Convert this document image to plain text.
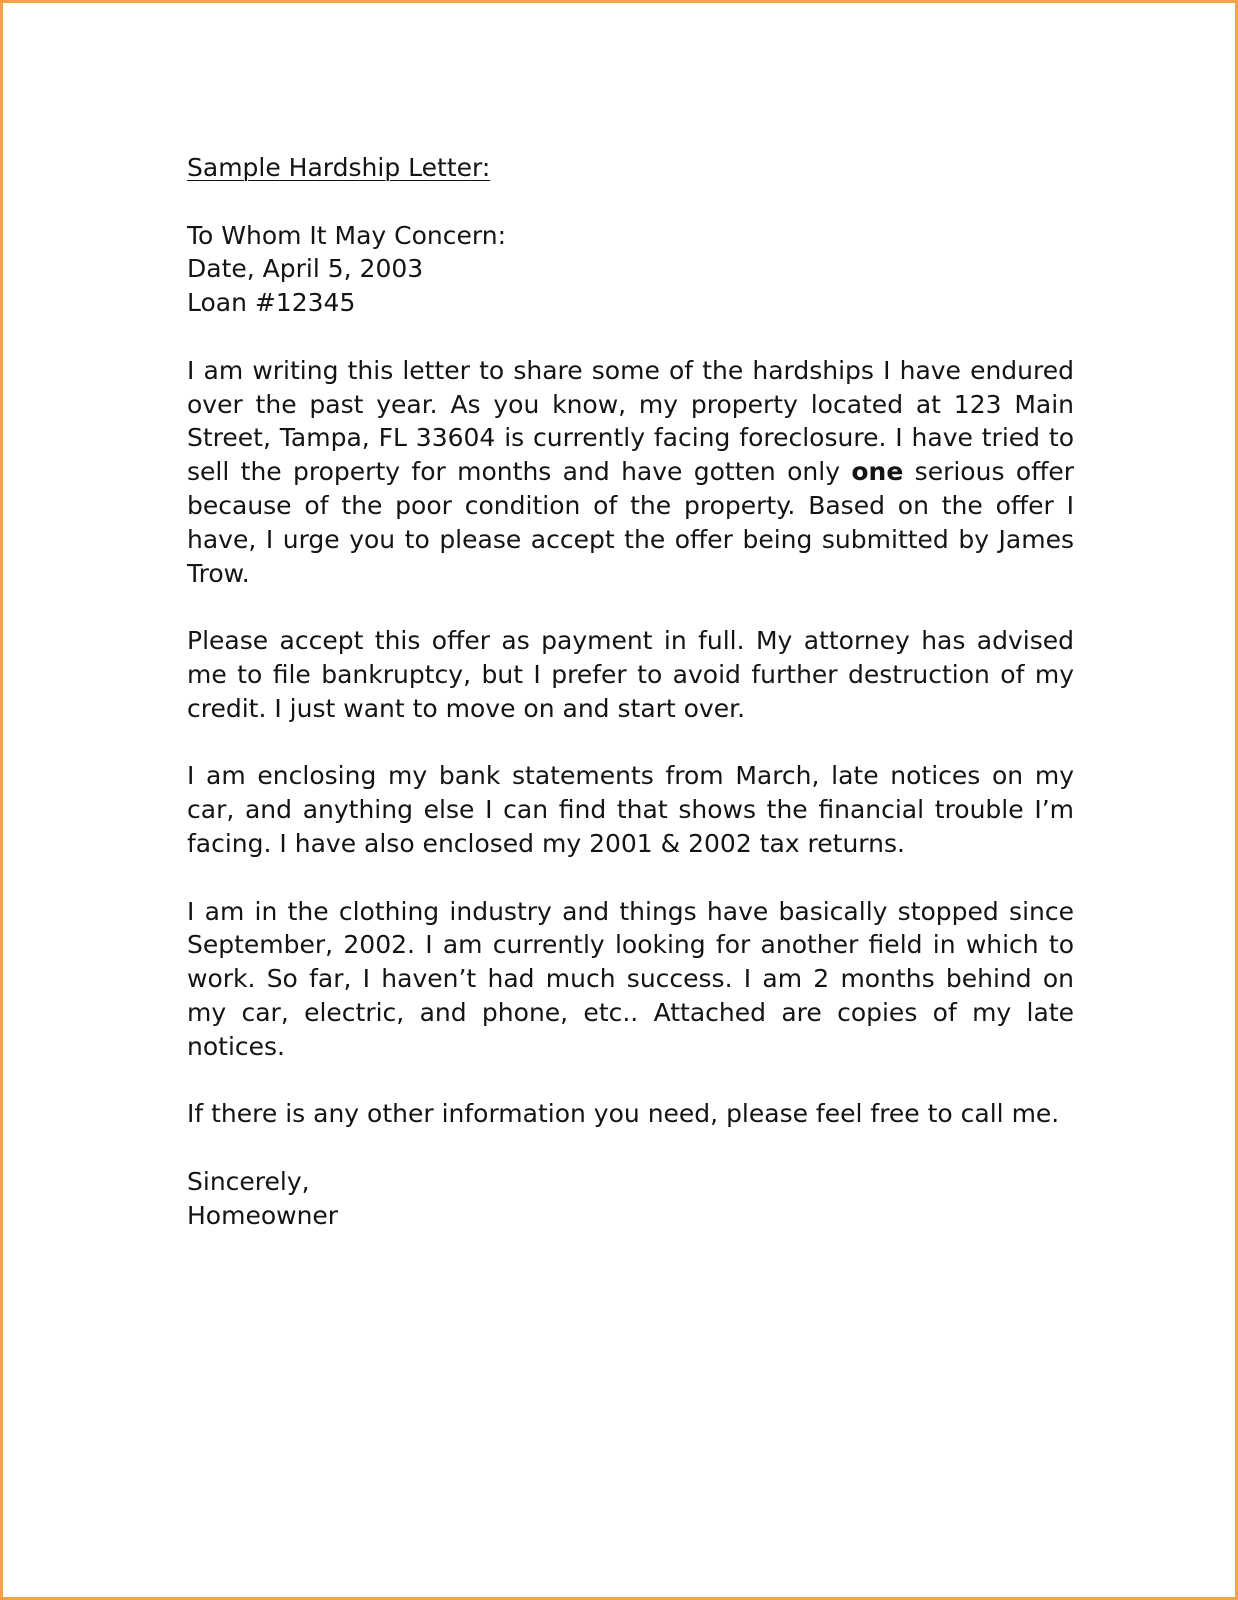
Sample Hardship Letter:

To Whom It May Concern:

Date, April 5, 2003

Loan #12345

I am writing this letter to share some of the hardships I have endured over the past year. As you know, my property located at 123 Main Street, Tampa, FL 33604 is currently facing foreclosure. I have tried to sell the property for months and have gotten only one serious offer because of the poor condition of the property. Based on the offer I have, I urge you to please accept the offer being submitted by James Trow.

Please accept this offer as payment in full. My attorney has advised me to file bankruptcy, but I prefer to avoid further destruction of my credit. I just want to move on and start over.

I am enclosing my bank statements from March, late notices on my car, and anything else I can find that shows the financial trouble I’m facing. I have also enclosed my 2001 & 2002 tax returns.

I am in the clothing industry and things have basically stopped since September, 2002. I am currently looking for another field in which to work. So far, I haven’t had much success. I am 2 months behind on my car, electric, and phone, etc.. Attached are copies of my late notices.

If there is any other information you need, please feel free to call me.

Sincerely,

Homeowner
